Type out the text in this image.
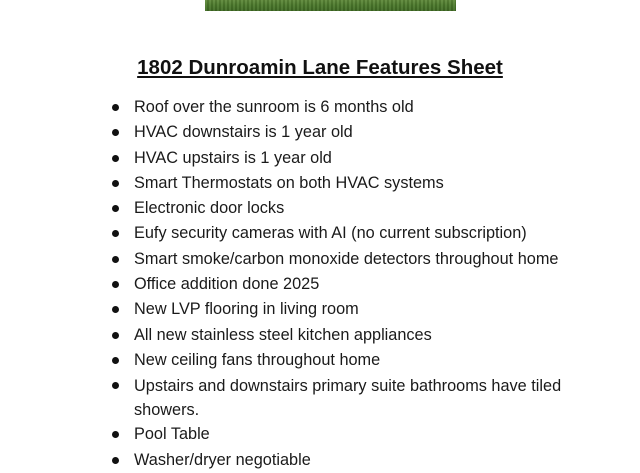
1802 Dunroamin Lane Features Sheet
Roof over the sunroom is 6 months old
HVAC downstairs is 1 year old
HVAC upstairs is 1 year old
Smart Thermostats on both HVAC systems
Electronic door locks
Eufy security cameras with AI (no current subscription)
Smart smoke/carbon monoxide detectors throughout home
Office addition done 2025
New LVP flooring in living room
All new stainless steel kitchen appliances
New ceiling fans throughout home
Upstairs and downstairs primary suite bathrooms have tiled showers.
Pool Table
Washer/dryer negotiable
